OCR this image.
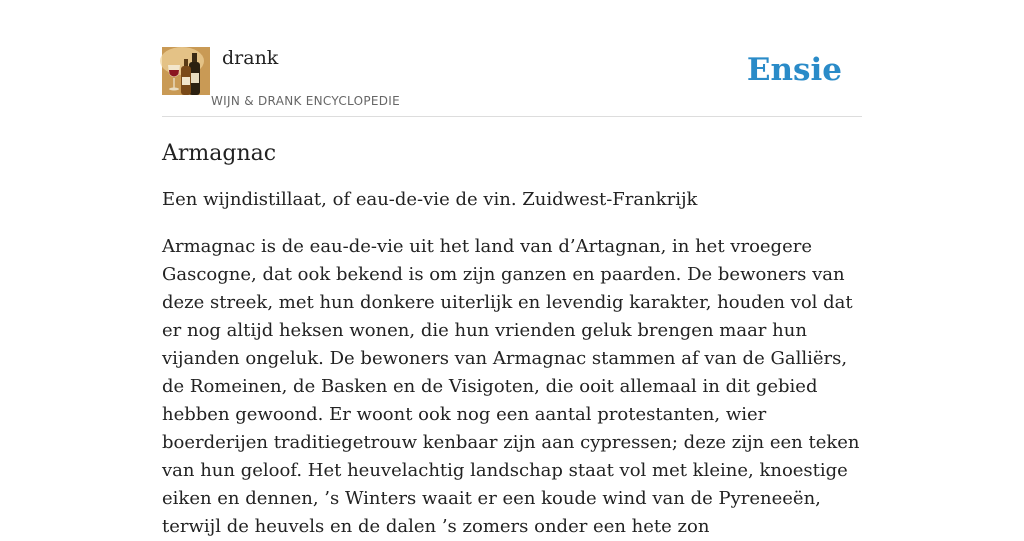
drank
WIJN & DRANK ENCYCLOPEDIE
Ensie
Armagnac

Een wijndistillaat, of eau-de-vie de vin. Zuidwest-Frankrijk

Armagnac is de eau-de-vie uit het land van d’Artagnan, in het vroegere Gascogne, dat ook bekend is om zijn ganzen en paarden. De bewoners van deze streek, met hun donkere uiterlijk en levendig karakter, houden vol dat er nog altijd heksen wonen, die hun vrienden geluk brengen maar hun vijanden ongeluk. De bewoners van Armagnac stammen af van de Galliërs, de Romeinen, de Basken en de Visigoten, die ooit allemaal in dit gebied hebben gewoond. Er woont ook nog een aantal protestanten, wier boerderijen traditiegetrouw kenbaar zijn aan cypressen; deze zijn een teken van hun geloof. Het heuvelachtig landschap staat vol met kleine, knoestige eiken en dennen, ’s Winters waait er een koude wind van de Pyreneeën, terwijl de heuvels en de dalen ’s zomers onder een hete zon
